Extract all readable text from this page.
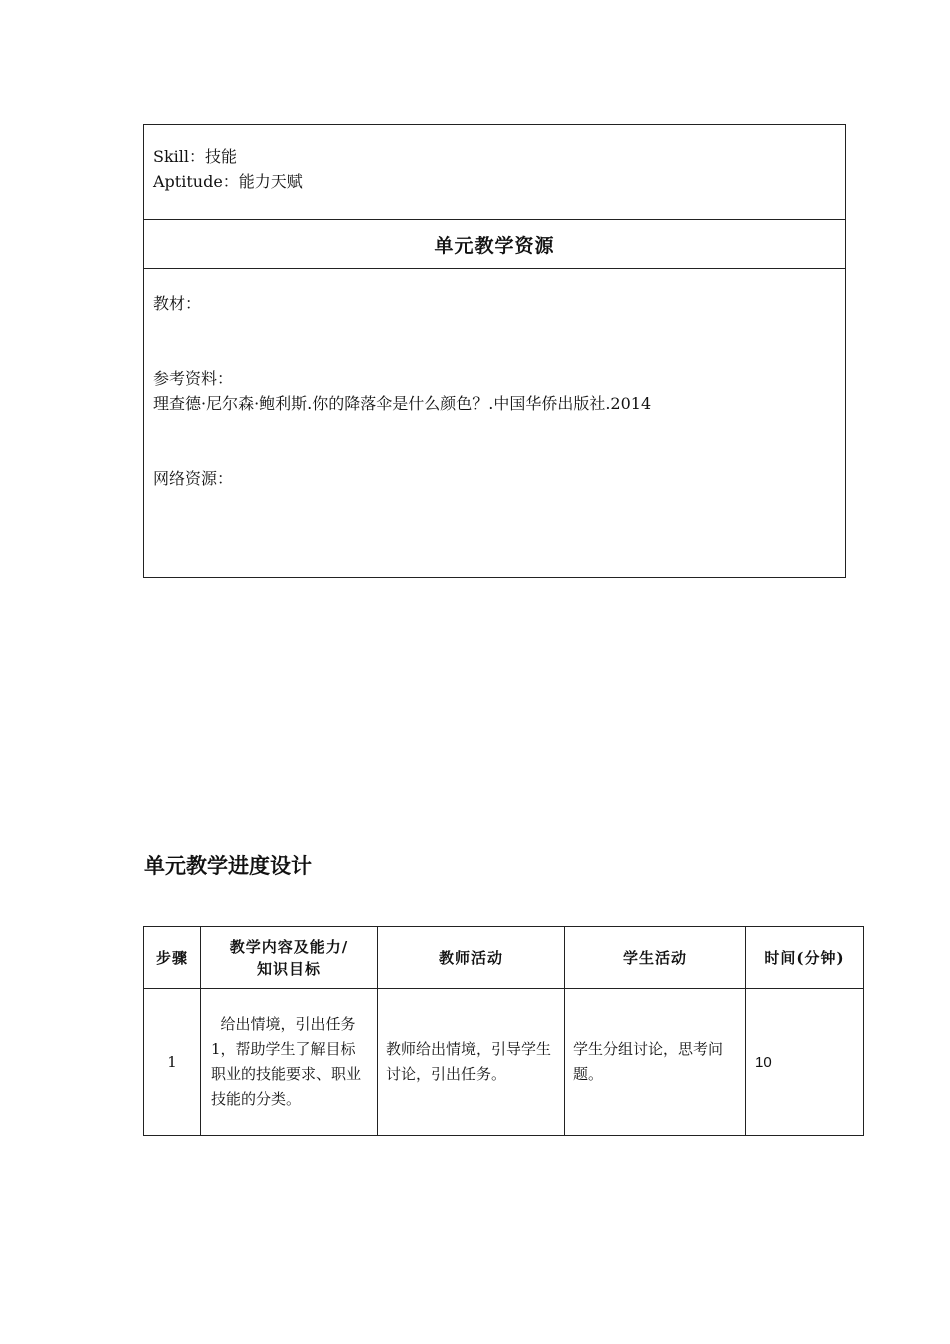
Skill：技能
Aptitude：能力天赋
单元教学资源
教材：
参考资料：
理查德·尼尔森·鲍利斯.你的降落伞是什么颜色？.中国华侨出版社.2014
网络资源：
单元教学进度设计
步骤	教学内容及能力/
知识目标	教师活动	学生活动	时间(分钟)
1	给出情境，引出任务1，帮助学生了解目标职业的技能要求、职业技能的分类。	教师给出情境，引导学生讨论，引出任务。	学生分组讨论，思考问题。	10
